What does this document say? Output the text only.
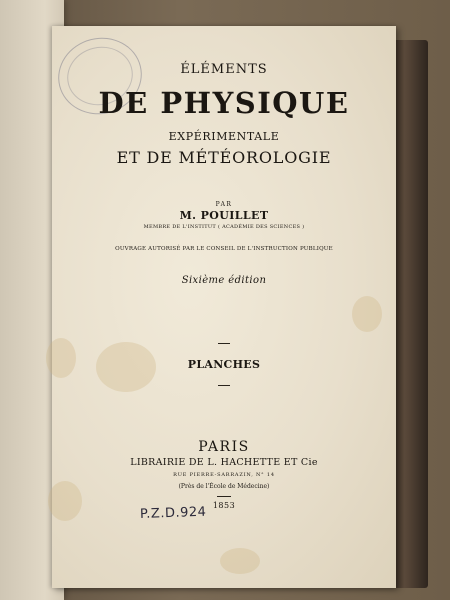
ÉLÉMENTS
DE PHYSIQUE
EXPÉRIMENTALE
ET DE MÉTÉOROLOGIE
PAR
M. POUILLET
MEMBRE DE L'INSTITUT ( ACADÉMIE DES SCIENCES )
OUVRAGE AUTORISÉ PAR LE CONSEIL DE L'INSTRUCTION PUBLIQUE
Sixième édition
PLANCHES
PARIS
LIBRAIRIE DE L. HACHETTE ET Cie
RUE PIERRE-SARRAZIN, N° 14
(Près de l'École de Médecine)
1853
P.Z.D.924
